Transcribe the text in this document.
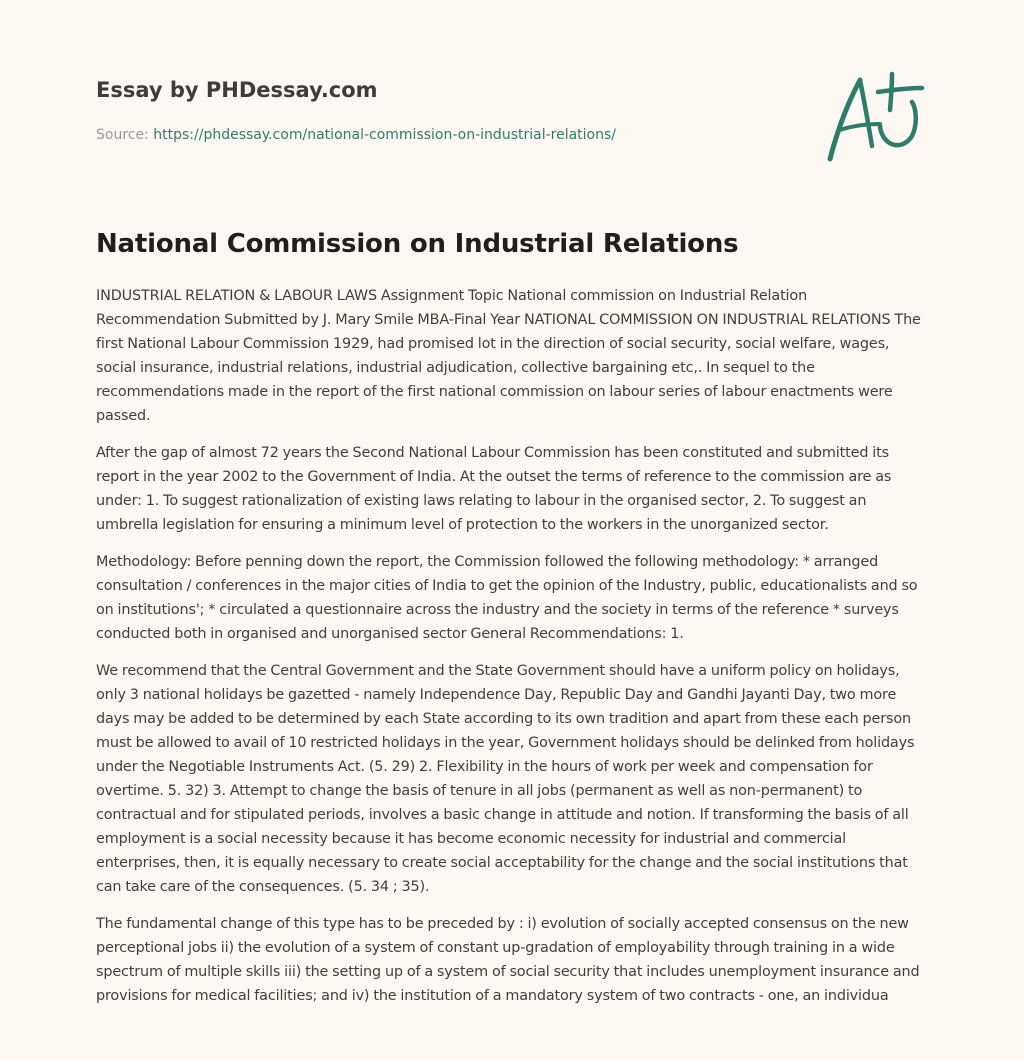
Essay by PHDessay.com
Source: https://phdessay.com/national-commission-on-industrial-relations/
National Commission on Industrial Relations

INDUSTRIAL RELATION & LABOUR LAWS Assignment Topic National commission on Industrial Relation Recommendation Submitted by J. Mary Smile MBA-Final Year NATIONAL COMMISSION ON INDUSTRIAL RELATIONS The first National Labour Commission 1929, had promised lot in the direction of social security, social welfare, wages, social insurance, industrial relations, industrial adjudication, collective bargaining etc,. In sequel to the recommendations made in the report of the first national commission on labour series of labour enactments were passed.

After the gap of almost 72 years the Second National Labour Commission has been constituted and submitted its report in the year 2002 to the Government of India. At the outset the terms of reference to the commission are as under: 1. To suggest rationalization of existing laws relating to labour in the organised sector, 2. To suggest an umbrella legislation for ensuring a minimum level of protection to the workers in the unorganized sector.

Methodology: Before penning down the report, the Commission followed the following methodology: * arranged consultation / conferences in the major cities of India to get the opinion of the Industry, public, educationalists and so on institutions'; * circulated a questionnaire across the industry and the society in terms of the reference * surveys conducted both in organised and unorganised sector General Recommendations: 1.

We recommend that the Central Government and the State Government should have a uniform policy on holidays, only 3 national holidays be gazetted - namely Independence Day, Republic Day and Gandhi Jayanti Day, two more days may be added to be determined by each State according to its own tradition and apart from these each person must be allowed to avail of 10 restricted holidays in the year, Government holidays should be delinked from holidays under the Negotiable Instruments Act. (5. 29) 2. Flexibility in the hours of work per week and compensation for overtime. 5. 32) 3. Attempt to change the basis of tenure in all jobs (permanent as well as non-permanent) to contractual and for stipulated periods, involves a basic change in attitude and notion. If transforming the basis of all employment is a social necessity because it has become economic necessity for industrial and commercial enterprises, then, it is equally necessary to create social acceptability for the change and the social institutions that can take care of the consequences. (5. 34 ; 35).

The fundamental change of this type has to be preceded by : i) evolution of socially accepted consensus on the new perceptional jobs ii) the evolution of a system of constant up-gradation of employability through training in a wide spectrum of multiple skills iii) the setting up of a system of social security that includes unemployment insurance and provisions for medical facilities; and iv) the institution of a mandatory system of two contracts - one, an individua
